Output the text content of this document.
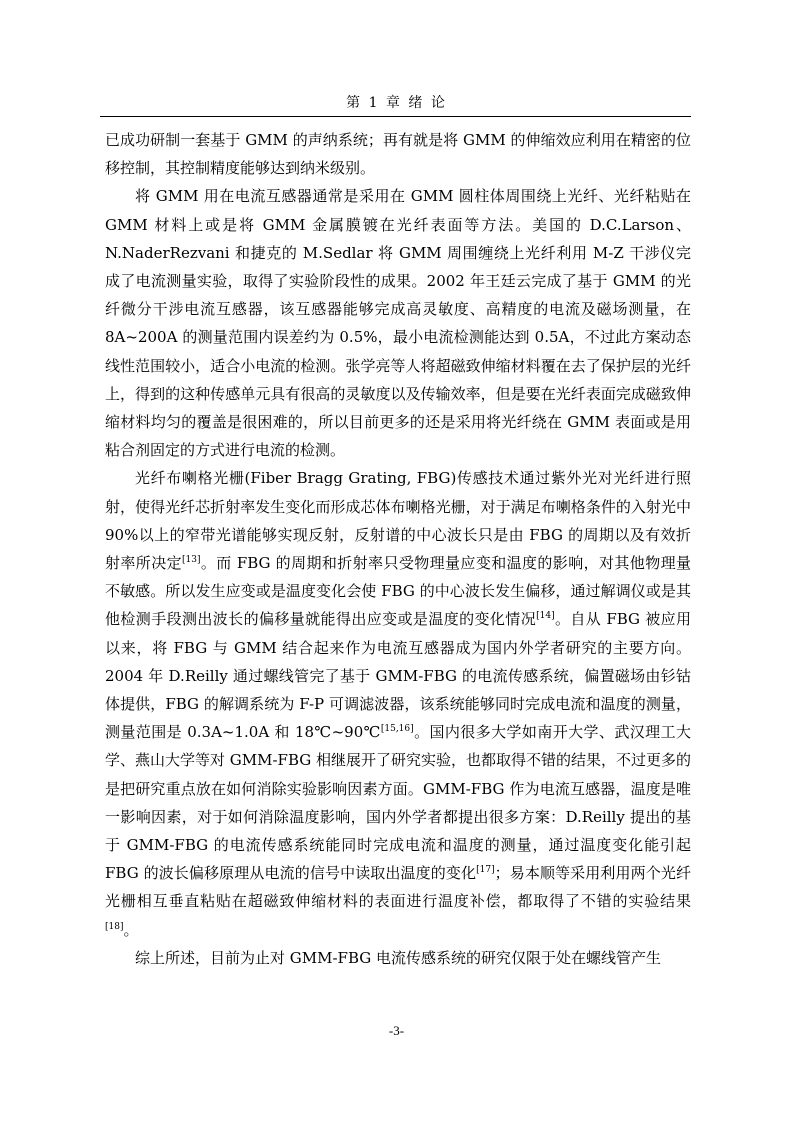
第 1 章 绪 论

已成功研制一套基于 GMM 的声纳系统；再有就是将 GMM 的伸缩效应利用在精密的位移控制，其控制精度能够达到纳米级别。

将 GMM 用在电流互感器通常是采用在 GMM 圆柱体周围绕上光纤、光纤粘贴在 GMM 材料上或是将 GMM 金属膜镀在光纤表面等方法。美国的 D.C.Larson、N.NaderRezvani 和捷克的 M.Sedlar 将 GMM 周围缠绕上光纤利用 M-Z 干涉仪完成了电流测量实验，取得了实验阶段性的成果。2002 年王廷云完成了基于 GMM 的光纤微分干涉电流互感器，该互感器能够完成高灵敏度、高精度的电流及磁场测量，在 8A~200A 的测量范围内误差约为 0.5%，最小电流检测能达到 0.5A，不过此方案动态线性范围较小，适合小电流的检测。张学亮等人将超磁致伸缩材料覆在去了保护层的光纤上，得到的这种传感单元具有很高的灵敏度以及传输效率，但是要在光纤表面完成磁致伸缩材料均匀的覆盖是很困难的，所以目前更多的还是采用将光纤绕在 GMM 表面或是用粘合剂固定的方式进行电流的检测。

光纤布喇格光栅(Fiber Bragg Grating, FBG)传感技术通过紫外光对光纤进行照射，使得光纤芯折射率发生变化而形成芯体布喇格光栅，对于满足布喇格条件的入射光中 90%以上的窄带光谱能够实现反射，反射谱的中心波长只是由 FBG 的周期以及有效折射率所决定[13]。而 FBG 的周期和折射率只受物理量应变和温度的影响，对其他物理量不敏感。所以发生应变或是温度变化会使 FBG 的中心波长发生偏移，通过解调仪或是其他检测手段测出波长的偏移量就能得出应变或是温度的变化情况[14]。自从 FBG 被应用以来，将 FBG 与 GMM 结合起来作为电流互感器成为国内外学者研究的主要方向。2004 年 D.Reilly 通过螺线管完了基于 GMM-FBG 的电流传感系统，偏置磁场由钐钴体提供，FBG 的解调系统为 F-P 可调滤波器，该系统能够同时完成电流和温度的测量，测量范围是 0.3A~1.0A 和 18℃~90℃[15,16]。国内很多大学如南开大学、武汉理工大学、燕山大学等对 GMM-FBG 相继展开了研究实验，也都取得不错的结果，不过更多的是把研究重点放在如何消除实验影响因素方面。GMM-FBG 作为电流互感器，温度是唯一影响因素，对于如何消除温度影响，国内外学者都提出很多方案：D.Reilly 提出的基于 GMM-FBG 的电流传感系统能同时完成电流和温度的测量，通过温度变化能引起 FBG 的波长偏移原理从电流的信号中读取出温度的变化[17]；易本顺等采用利用两个光纤光栅相互垂直粘贴在超磁致伸缩材料的表面进行温度补偿，都取得了不错的实验结果[18]。

综上所述，目前为止对 GMM-FBG 电流传感系统的研究仅限于处在螺线管产生

-3-
